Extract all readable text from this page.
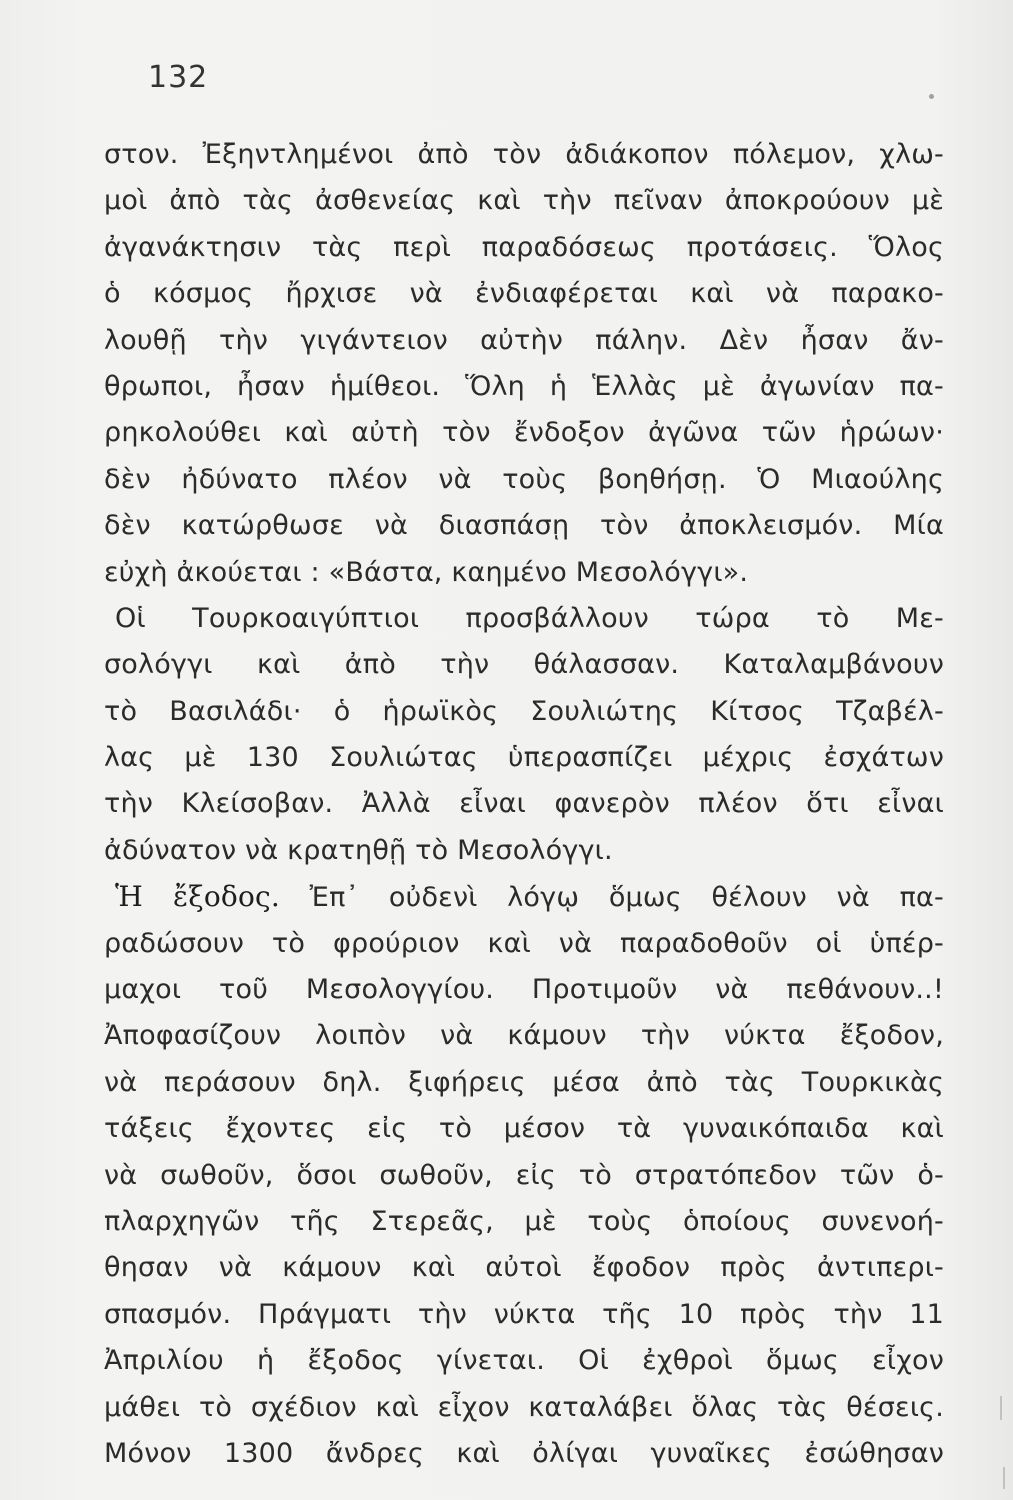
132
στον. Ἐξηντλημένοι ἀπὸ τὸν ἀδιάκοπον πόλεμον, χλω-
μοὶ ἀπὸ τὰς ἀσθενείας καὶ τὴν πεῖναν ἀποκρούουν μὲ
ἀγανάκτησιν τὰς περὶ παραδόσεως προτάσεις. Ὅλος
ὁ κόσμος ἤρχισε νὰ ἐνδιαφέρεται καὶ νὰ παρακο-
λουθῇ τὴν γιγάντειον αὐτὴν πάλην. Δὲν ἦσαν ἄν-
θρωποι, ἦσαν ἡμίθεοι. Ὅλη ἡ Ἑλλὰς μὲ ἀγωνίαν πα-
ρηκολούθει καὶ αὐτὴ τὸν ἔνδοξον ἀγῶνα τῶν ἡρώων·
δὲν ἠδύνατο πλέον νὰ τοὺς βοηθήσῃ. Ὁ Μιαούλης
δὲν κατώρθωσε νὰ διασπάσῃ τὸν ἀποκλεισμόν. Μία
εὐχὴ ἀκούεται : «Βάστα, καημένο Μεσολόγγι».
Οἱ Τουρκοαιγύπτιοι προσβάλλουν τώρα τὸ Με-
σολόγγι καὶ ἀπὸ τὴν θάλασσαν. Καταλαμβάνουν
τὸ Βασιλάδι· ὁ ἡρωϊκὸς Σουλιώτης Κίτσος Τζαβέλ-
λας μὲ 130 Σουλιώτας ὑπερασπίζει μέχρις ἐσχάτων
τὴν Κλείσοβαν. Ἀλλὰ εἶναι φανερὸν πλέον ὅτι εἶναι
ἀδύνατον νὰ κρατηθῇ τὸ Μεσολόγγι.
Ἡ ἔξοδος. Ἐπ᾽ οὐδενὶ λόγῳ ὅμως θέλουν νὰ πα-
ραδώσουν τὸ φρούριον καὶ νὰ παραδοθοῦν οἱ ὑπέρ-
μαχοι τοῦ Μεσολογγίου. Προτιμοῦν νὰ πεθάνουν..!
Ἀποφασίζουν λοιπὸν νὰ κάμουν τὴν νύκτα ἔξοδον,
νὰ περάσουν δηλ. ξιφήρεις μέσα ἀπὸ τὰς Τουρκικὰς
τάξεις ἔχοντες εἰς τὸ μέσον τὰ γυναικόπαιδα καὶ
νὰ σωθοῦν, ὅσοι σωθοῦν, εἰς τὸ στρατόπεδον τῶν ὁ-
πλαρχηγῶν τῆς Στερεᾶς, μὲ τοὺς ὁποίους συνενοή-
θησαν νὰ κάμουν καὶ αὐτοὶ ἔφοδον πρὸς ἀντιπερι-
σπασμόν. Πράγματι τὴν νύκτα τῆς 10 πρὸς τὴν 11
Ἀπριλίου ἡ ἔξοδος γίνεται. Οἱ ἐχθροὶ ὅμως εἶχον
μάθει τὸ σχέδιον καὶ εἶχον καταλάβει ὅλας τὰς θέσεις.
Μόνον 1300 ἄνδρες καὶ ὀλίγαι γυναῖκες ἐσώθησαν
